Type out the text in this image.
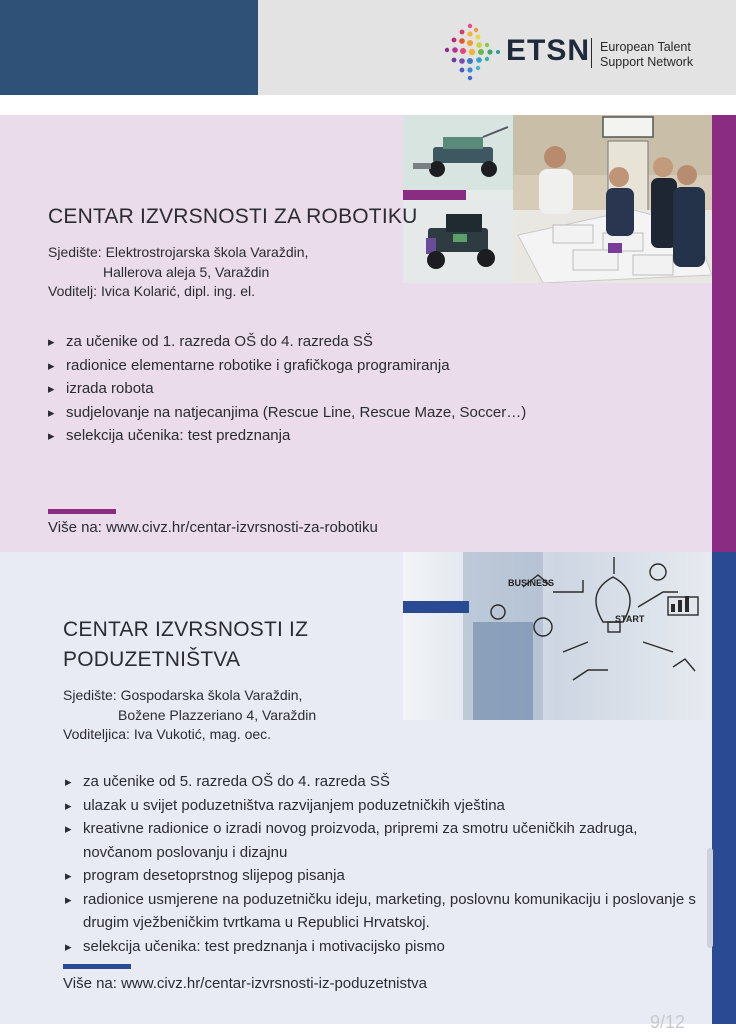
ETSN European Talent
Support Network
CENTAR IZVRSNOSTI ZA ROBOTIKU
Sjedište: Elektrostrojarska škola Varaždin,
Hallerova aleja 5, Varaždin
Voditelj: Ivica Kolarić, dipl. ing. el.
▸ za učenike od 1. razreda OŠ do 4. razreda SŠ
▸ radionice elementarne robotike i grafičkoga programiranja
▸ izrada robota
▸ sudjelovanje na natjecanjima (Rescue Line, Rescue Maze, Soccer…)
▸ selekcija učenika: test predznanja
Više na: www.civz.hr/centar-izvrsnosti-za-robotiku
BUSINESS
START
CENTAR IZVRSNOSTI IZ
PODUZETNIŠTVA
Sjedište: Gospodarska škola Varaždin,
Božene Plazzeriano 4, Varaždin
Voditeljica: Iva Vukotić, mag. oec.
▸ za učenike od 5. razreda OŠ do 4. razreda SŠ
▸ ulazak u svijet poduzetništva razvijanjem poduzetničkih vještina
▸ kreativne radionice o izradi novog proizvoda, pripremi za smotru učeničkih zadruga, novčanom poslovanju i dizajnu
▸ program desetoprstnog slijepog pisanja
▸ radionice usmjerene na poduzetničku ideju, marketing, poslovnu komunikaciju i poslovanje s drugim vježbeničkim tvrtkama u Republici Hrvatskoj.
▸ selekcija učenika: test predznanja i motivacijsko pismo
Više na: www.civz.hr/centar-izvrsnosti-iz-poduzetnistva
9/12
